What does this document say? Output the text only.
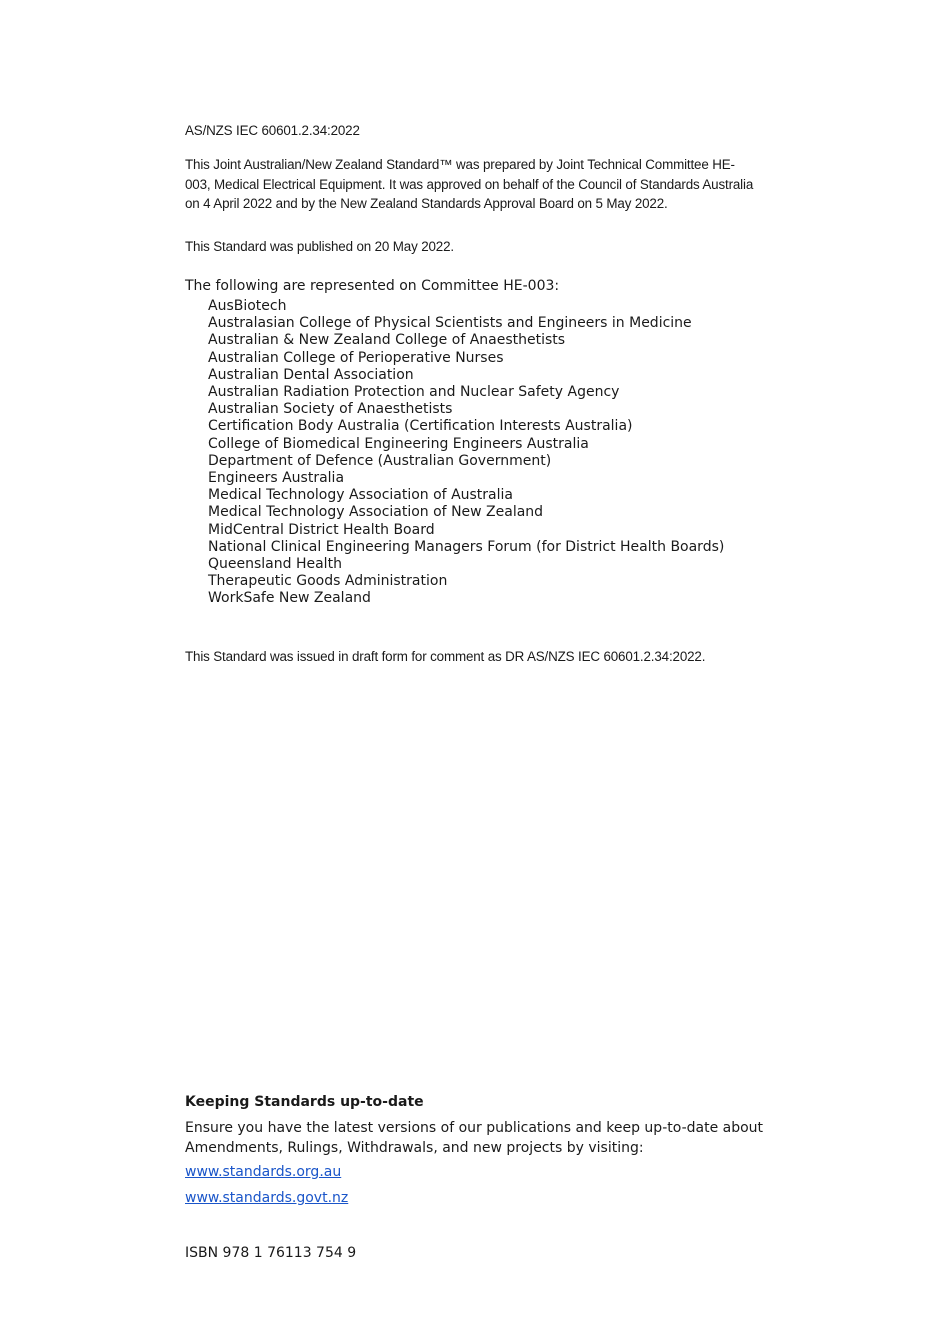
AS/NZS IEC 60601.2.34:2022

This Joint Australian/New Zealand Standard™ was prepared by Joint Technical Committee HE-003, Medical Electrical Equipment. It was approved on behalf of the Council of Standards Australia on 4 April 2022 and by the New Zealand Standards Approval Board on 5 May 2022.

This Standard was published on 20 May 2022.

The following are represented on Committee HE-003:

AusBiotech
Australasian College of Physical Scientists and Engineers in Medicine
Australian & New Zealand College of Anaesthetists
Australian College of Perioperative Nurses
Australian Dental Association
Australian Radiation Protection and Nuclear Safety Agency
Australian Society of Anaesthetists
Certification Body Australia (Certification Interests Australia)
College of Biomedical Engineering Engineers Australia
Department of Defence (Australian Government)
Engineers Australia
Medical Technology Association of Australia
Medical Technology Association of New Zealand
MidCentral District Health Board
National Clinical Engineering Managers Forum (for District Health Boards)
Queensland Health
Therapeutic Goods Administration
WorkSafe New Zealand

This Standard was issued in draft form for comment as DR AS/NZS IEC 60601.2.34:2022.

Keeping Standards up-to-date

Ensure you have the latest versions of our publications and keep up-to-date about Amendments, Rulings, Withdrawals, and new projects by visiting:

www.standards.org.au
www.standards.govt.nz

ISBN 978 1 76113 754 9
